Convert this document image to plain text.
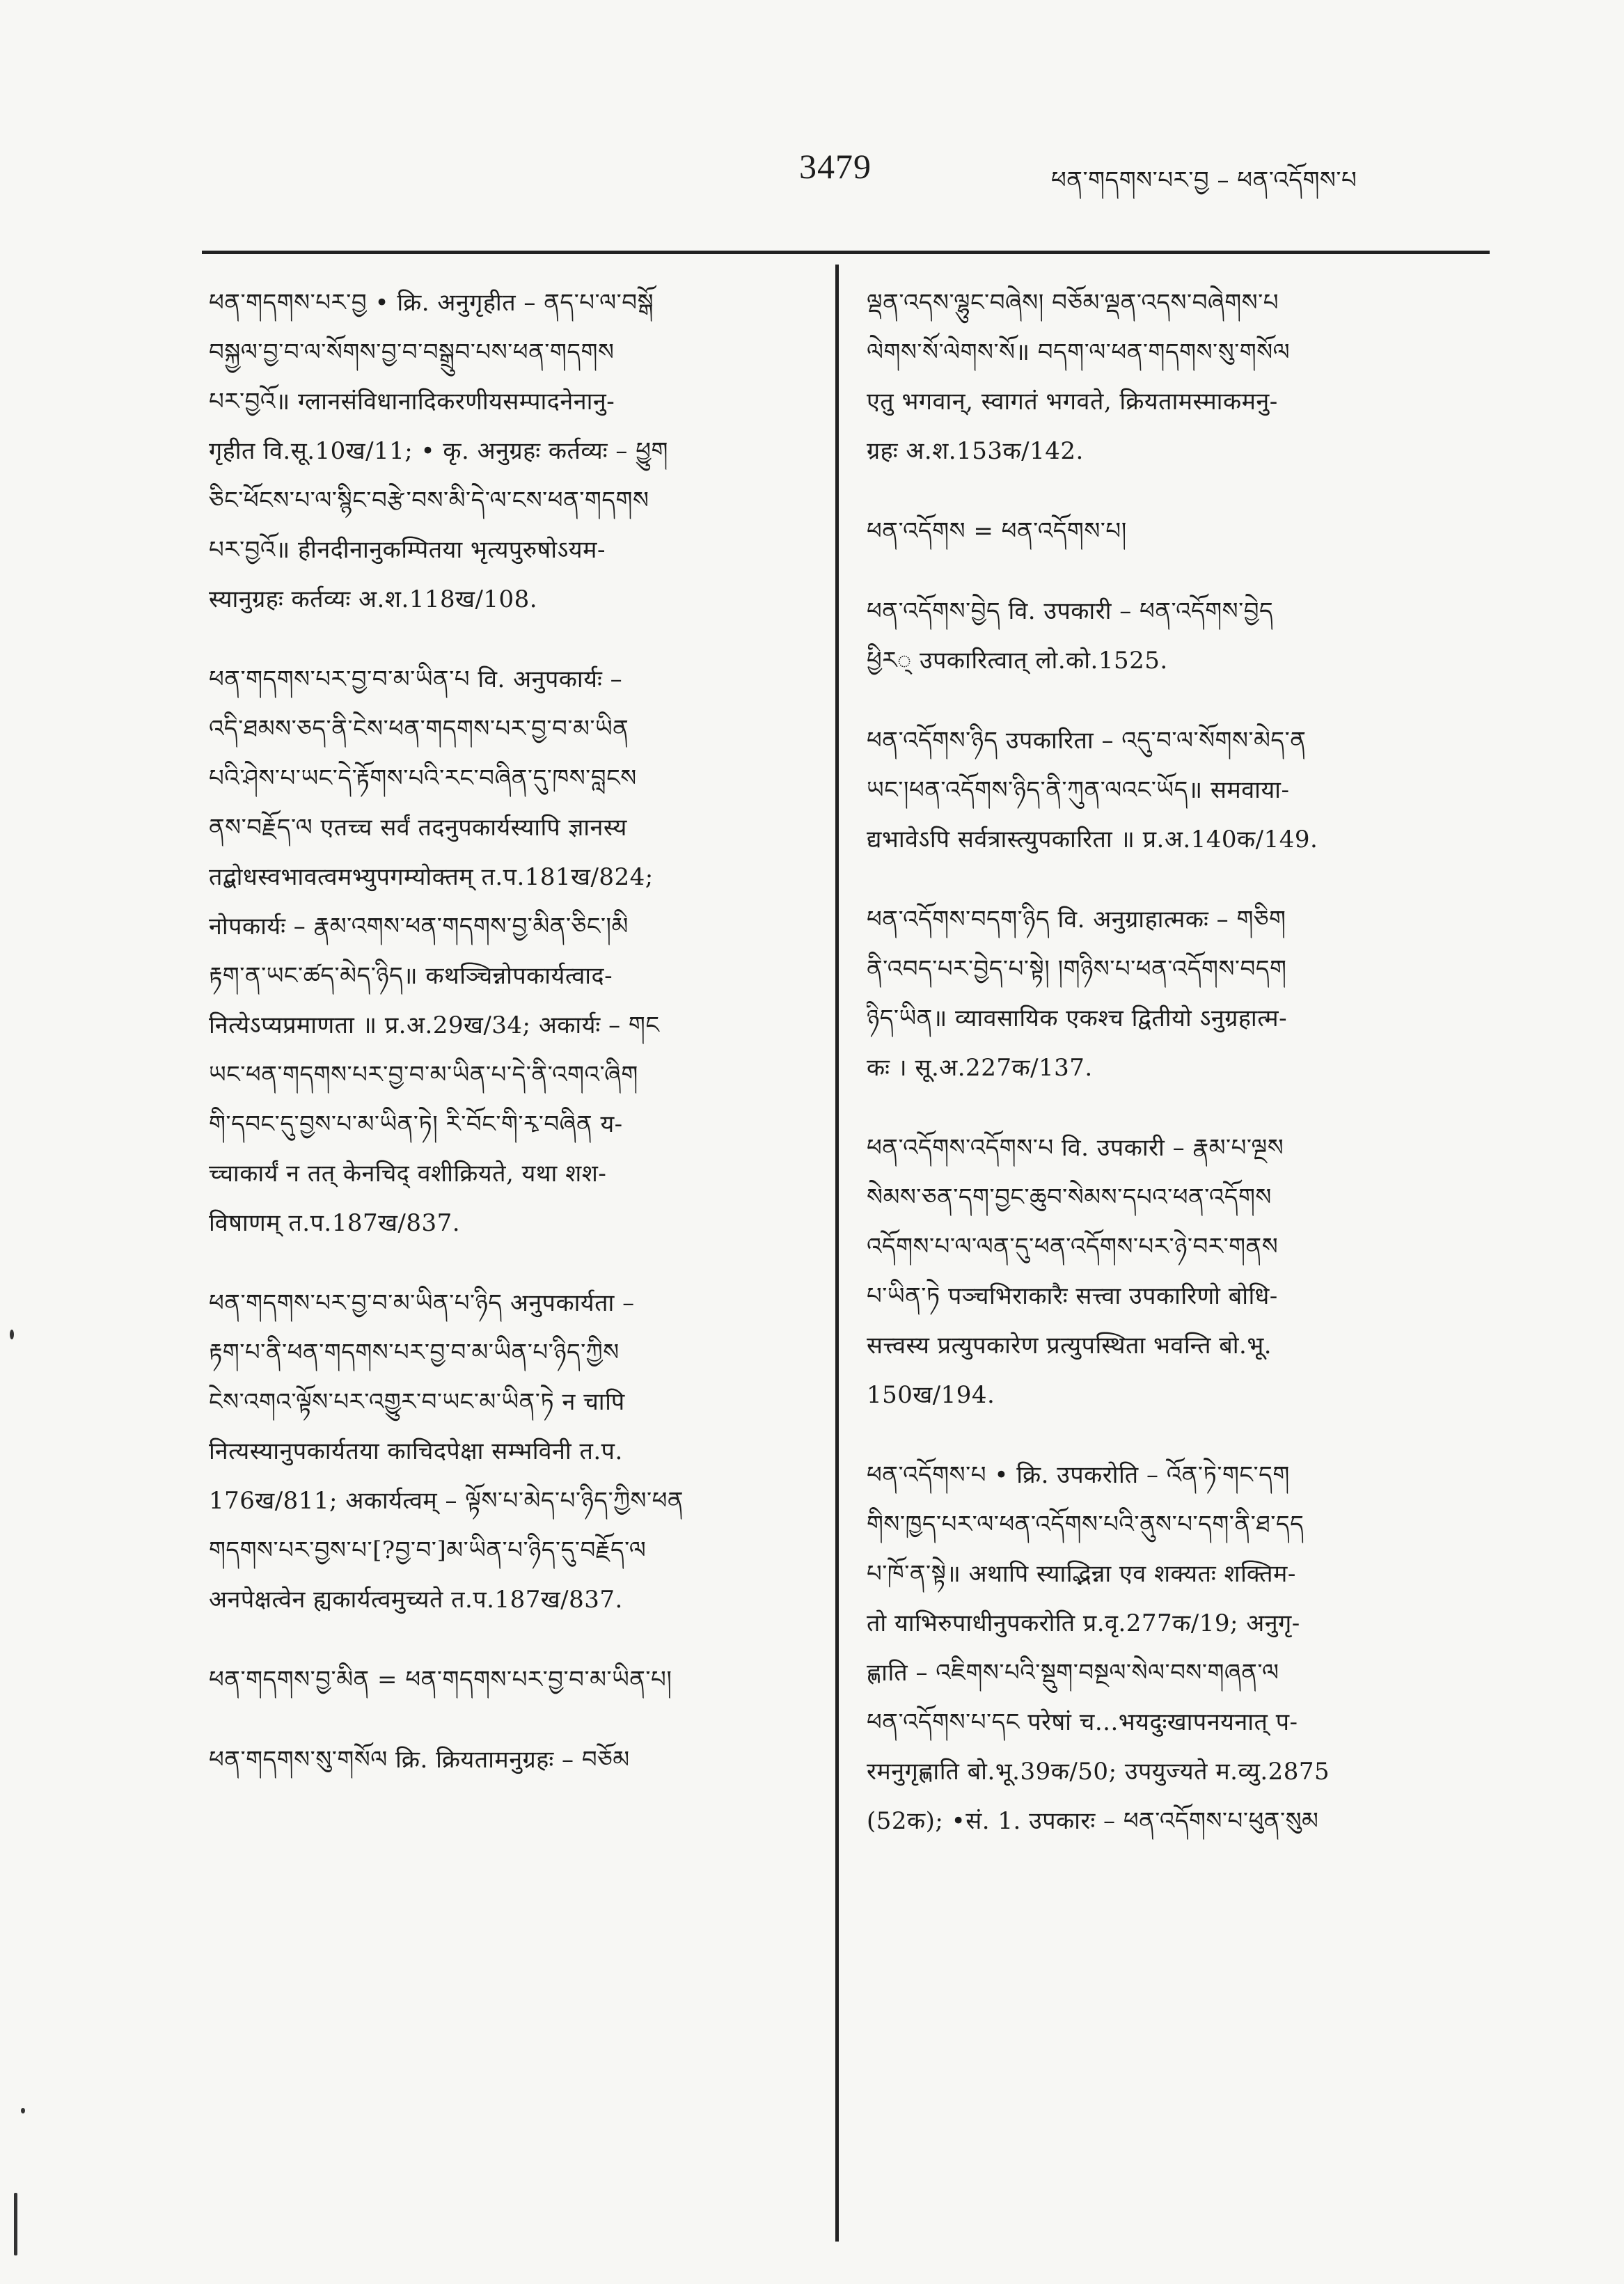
3479	ཕན་གདགས་པར་བྱ – ཕན་འདོགས་པ
ཕན་གདགས་པར་བྱ • क्रि. अनुगृहीत – ནད་པ་ལ་བསྒོ
བསྐྱལ་བྱ་བ་ལ་སོགས་བྱ་བ་བསྒྲུབ་པས་ཕན་གདགས
པར་བྱའོ॥ ग्लानसंविधानादिकरणीयसम्पादनेनानु-
गृहीत वि.सू.10ख/11; • कृ. अनुग्रहः कर्तव्यः – ཕྱུག
ཅིང་ཕོངས་པ་ལ་སྙིང་བརྩེ་བས་མི་དེ་ལ་ངས་ཕན་གདགས
པར་བྱའོ॥ हीनदीनानुकम्पितया भृत्यपुरुषोऽयम-
स्यानुग्रहः कर्तव्यः अ.श.118ख/108.
ཕན་གདགས་པར་བྱ་བ་མ་ཡིན་པ वि. अनुपकार्यः –
འདི་ཐམས་ཅད་ནི་ངེས་ཕན་གདགས་པར་བྱ་བ་མ་ཡིན
པའི་ཤེས་པ་ཡང་དེ་རྟོགས་པའི་རང་བཞིན་དུ་ཁས་བླངས
ནས་བརྗོད་ལ एतच्च सर्वं तदनुपकार्यस्यापि ज्ञानस्य
तद्बोधस्वभावत्वमभ्युपगम्योक्तम् त.प.181ख/824;
नोपकार्यः – རྣམ་འགས་ཕན་གདགས་བྱ་མིན་ཅིང་།མི
རྟག་ན་ཡང་ཚད་མེད་ཉིད॥ कथञ्चिन्नोपकार्यत्वाद-
नित्येऽप्यप्रमाणता ॥ प्र.अ.29ख/34; अकार्यः – གང
ཡང་ཕན་གདགས་པར་བྱ་བ་མ་ཡིན་པ་དེ་ནི་འགའ་ཞིག
གི་དབང་དུ་བྱས་པ་མ་ཡིན་ཏེ། རི་བོང་གི་རྭ་བཞིན य-
च्चाकार्यं न तत् केनचिद् वशीक्रियते, यथा शश-
विषाणम् त.प.187ख/837.
ཕན་གདགས་པར་བྱ་བ་མ་ཡིན་པ་ཉིད अनुपकार्यता –
རྟག་པ་ནི་ཕན་གདགས་པར་བྱ་བ་མ་ཡིན་པ་ཉིད་ཀྱིས
ངེས་འགའ་ལྟོས་པར་འགྱུར་བ་ཡང་མ་ཡིན་ཏེ न चापि
नित्यस्यानुपकार्यतया काचिदपेक्षा सम्भविनी त.प.
176ख/811; अकार्यत्वम् – ལྟོས་པ་མེད་པ་ཉིད་ཀྱིས་ཕན
གདགས་པར་བྱས་པ་[?བྱ་བ་]མ་ཡིན་པ་ཉིད་དུ་བརྗོད་ལ
अनपेक्षत्वेन ह्यकार्यत्वमुच्यते त.प.187ख/837.
ཕན་གདགས་བྱ་མིན = ཕན་གདགས་པར་བྱ་བ་མ་ཡིན་པ།
ཕན་གདགས་སུ་གསོལ क्रि. क्रियतामनुग्रहः – བཅོམ
ལྡན་འདས་ལྷུང་བཞེས། བཅོམ་ལྡན་འདས་བཞེགས་པ
ལེགས་སོ་ལེགས་སོ॥ བདག་ལ་ཕན་གདགས་སུ་གསོལ
एतु भगवान्, स्वागतं भगवते, क्रियतामस्माकमनु-
ग्रहः अ.श.153क/142.
ཕན་འདོགས = ཕན་འདོགས་པ།
ཕན་འདོགས་བྱེད वि. उपकारी – ཕན་འདོགས་བྱེད
ཕྱིར् उपकारित्वात् लो.को.1525.
ཕན་འདོགས་ཉིད उपकारिता – འདུ་བ་ལ་སོགས་མེད་ན
ཡང་།ཕན་འདོགས་ཉིད་ནི་ཀུན་ལའང་ཡོད॥ समवाया-
द्यभावेऽपि सर्वत्रास्त्युपकारिता ॥ प्र.अ.140क/149.
ཕན་འདོགས་བདག་ཉིད वि. अनुग्राहात्मकः – གཅིག
ནི་འབད་པར་བྱེད་པ་སྟེ། །གཉིས་པ་ཕན་འདོགས་བདག
ཉིད་ཡིན॥ व्यावसायिक एकश्च द्वितीयो ऽनुग्रहात्म-
कः । सू.अ.227क/137.
ཕན་འདོགས་འདོགས་པ वि. उपकारी – རྣམ་པ་ལྔས
སེམས་ཅན་དག་བྱང་ཆུབ་སེམས་དཔའ་ཕན་འདོགས
འདོགས་པ་ལ་ལན་དུ་ཕན་འདོགས་པར་ཉེ་བར་གནས
པ་ཡིན་ཏེ पञ्चभिराकारैः सत्त्वा उपकारिणो बोधि-
सत्त्वस्य प्रत्युपकारेण प्रत्युपस्थिता भवन्ति बो.भू.
150ख/194.
ཕན་འདོགས་པ • क्रि. उपकरोति – འོན་ཏེ་གང་དག
གིས་ཁྱད་པར་ལ་ཕན་འདོགས་པའི་ནུས་པ་དག་ནི་ཐ་དད
པ་ཁོ་ན་སྟེ॥ अथापि स्याद्भिन्ना एव शक्यतः शक्तिम-
तो याभिरुपाधीनुपकरोति प्र.वृ.277क/19; अनुगृ-
ह्णाति – འཇིགས་པའི་སྡུག་བསྔལ་སེལ་བས་གཞན་ལ
ཕན་འདོགས་པ་དང परेषां च...भयदुःखापनयनात् प-
रमनुगृह्णाति बो.भू.39क/50; उपयुज्यते म.व्यु.2875
(52क); •सं. 1. उपकारः – ཕན་འདོགས་པ་ཕུན་སུམ
